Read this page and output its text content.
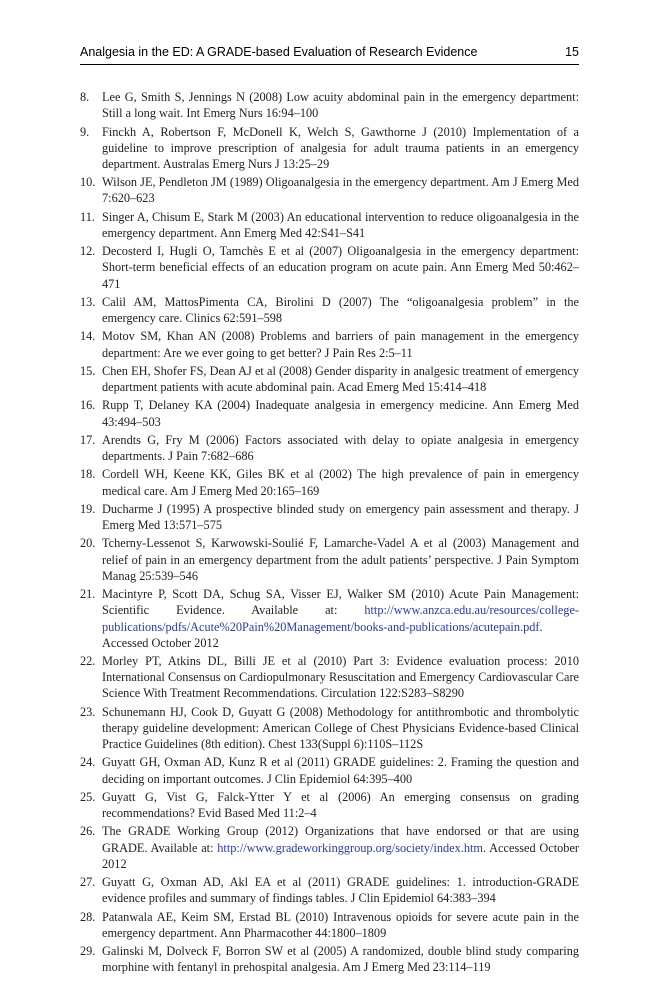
Analgesia in the ED: A GRADE-based Evaluation of Research Evidence	15
8.	Lee G, Smith S, Jennings N (2008) Low acuity abdominal pain in the emergency department: Still a long wait. Int Emerg Nurs 16:94–100
9.	Finckh A, Robertson F, McDonell K, Welch S, Gawthorne J (2010) Implementation of a guideline to improve prescription of analgesia for adult trauma patients in an emergency department. Australas Emerg Nurs J 13:25–29
10. Wilson JE, Pendleton JM (1989) Oligoanalgesia in the emergency department. Am J Emerg Med 7:620–623
11. Singer A, Chisum E, Stark M (2003) An educational intervention to reduce oligoanalgesia in the emergency department. Ann Emerg Med 42:S41–S41
12. Decosterd I, Hugli O, Tamchès E et al (2007) Oligoanalgesia in the emergency department: Short-term beneficial effects of an education program on acute pain. Ann Emerg Med 50:462–471
13. Calil AM, MattosPimenta CA, Birolini D (2007) The “oligoanalgesia problem” in the emergency care. Clinics 62:591–598
14. Motov SM, Khan AN (2008) Problems and barriers of pain management in the emergency department: Are we ever going to get better? J Pain Res 2:5–11
15. Chen EH, Shofer FS, Dean AJ et al (2008) Gender disparity in analgesic treatment of emergency department patients with acute abdominal pain. Acad Emerg Med 15:414–418
16. Rupp T, Delaney KA (2004) Inadequate analgesia in emergency medicine. Ann Emerg Med 43:494–503
17. Arendts G, Fry M (2006) Factors associated with delay to opiate analgesia in emergency departments. J Pain 7:682–686
18. Cordell WH, Keene KK, Giles BK et al (2002) The high prevalence of pain in emergency medical care. Am J Emerg Med 20:165–169
19. Ducharme J (1995) A prospective blinded study on emergency pain assessment and therapy. J Emerg Med 13:571–575
20. Tcherny-Lessenot S, Karwowski-Soulié F, Lamarche-Vadel A et al (2003) Management and relief of pain in an emergency department from the adult patients’ perspective. J Pain Symptom Manag 25:539–546
21. Macintyre P, Scott DA, Schug SA, Visser EJ, Walker SM (2010) Acute Pain Management: Scientific Evidence. Available at: http://www.anzca.edu.au/resources/college-publications/pdfs/Acute%20Pain%20Management/books-and-publications/acutepain.pdf. Accessed October 2012
22. Morley PT, Atkins DL, Billi JE et al (2010) Part 3: Evidence evaluation process: 2010 International Consensus on Cardiopulmonary Resuscitation and Emergency Cardiovascular Care Science With Treatment Recommendations. Circulation 122:S283–S8290
23. Schunemann HJ, Cook D, Guyatt G (2008) Methodology for antithrombotic and thrombolytic therapy guideline development: American College of Chest Physicians Evidence-based Clinical Practice Guidelines (8th edition). Chest 133(Suppl 6):110S–112S
24. Guyatt GH, Oxman AD, Kunz R et al (2011) GRADE guidelines: 2. Framing the question and deciding on important outcomes. J Clin Epidemiol 64:395–400
25. Guyatt G, Vist G, Falck-Ytter Y et al (2006) An emerging consensus on grading recommendations? Evid Based Med 11:2–4
26. The GRADE Working Group (2012) Organizations that have endorsed or that are using GRADE. Available at: http://www.gradeworkinggroup.org/society/index.htm. Accessed October 2012
27. Guyatt G, Oxman AD, Akl EA et al (2011) GRADE guidelines: 1. introduction-GRADE evidence profiles and summary of findings tables. J Clin Epidemiol 64:383–394
28. Patanwala AE, Keim SM, Erstad BL (2010) Intravenous opioids for severe acute pain in the emergency department. Ann Pharmacother 44:1800–1809
29. Galinski M, Dolveck F, Borron SW et al (2005) A randomized, double blind study comparing morphine with fentanyl in prehospital analgesia. Am J Emerg Med 23:114–119
